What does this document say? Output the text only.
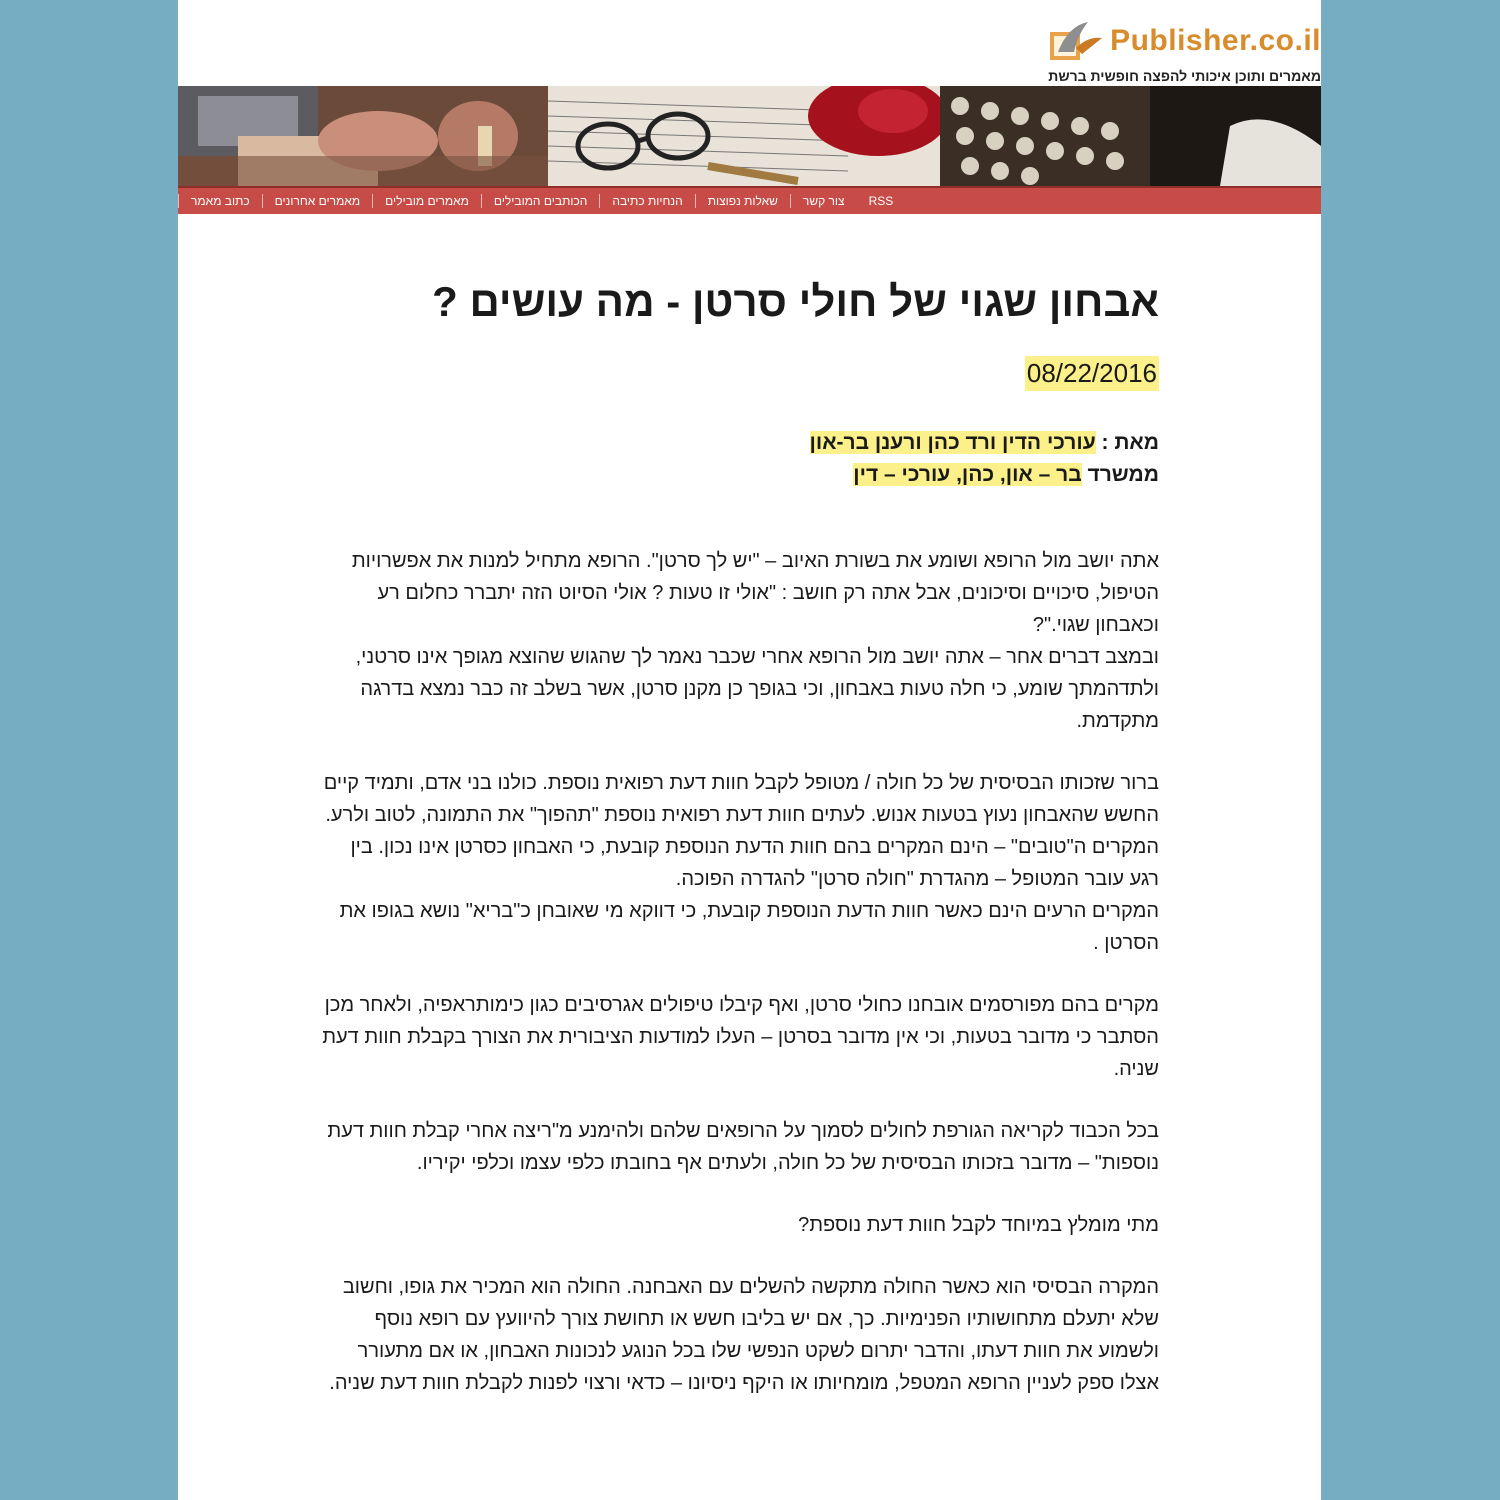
Publisher.co.il
מאמרים ותוכן איכותי להפצה חופשית ברשת
כתוב מאמר	מאמרים אחרונים	מאמרים מובילים	הכותבים המובילים	הנחיות כתיבה	שאלות נפוצות	צור קשר	RSS
אבחון שגוי של חולי סרטן - מה עושים ?
08/22/2016
מאת : עורכי הדין ורד כהן ורענן בר-און
ממשרד בר – און, כהן, עורכי – דין

אתה יושב מול הרופא ושומע את בשורת האיוב – "יש לך סרטן". הרופא מתחיל למנות את אפשרויות הטיפול, סיכויים וסיכונים, אבל אתה רק חושב : "אולי זו טעות ? אולי הסיוט הזה יתברר כחלום רע וכאבחון שגוי."?

ובמצב דברים אחר – אתה יושב מול הרופא אחרי שכבר נאמר לך שהגוש שהוצא מגופך אינו סרטני, ולתדהמתך שומע, כי חלה טעות באבחון, וכי בגופך כן מקנן סרטן, אשר בשלב זה כבר נמצא בדרגה מתקדמת.

ברור שזכותו הבסיסית של כל חולה / מטופל לקבל חוות דעת רפואית נוספת. כולנו בני אדם, ותמיד קיים החשש שהאבחון נעוץ בטעות אנוש. לעתים חוות דעת רפואית נוספת "תהפוך" את התמונה, לטוב ולרע.

המקרים ה"טובים" – הינם המקרים בהם חוות הדעת הנוספת קובעת, כי האבחון כסרטן אינו נכון. בין רגע עובר המטופל – מהגדרת "חולה סרטן" להגדרה הפוכה.

המקרים הרעים הינם כאשר חוות הדעת הנוספת קובעת, כי דווקא מי שאובחן כ"בריא" נושא בגופו את הסרטן .

מקרים בהם מפורסמים אובחנו כחולי סרטן, ואף קיבלו טיפולים אגרסיבים כגון כימותראפיה, ולאחר מכן הסתבר כי מדובר בטעות, וכי אין מדובר בסרטן – העלו למודעות הציבורית את הצורך בקבלת חוות דעת שניה.

בכל הכבוד לקריאה הגורפת לחולים לסמוך על הרופאים שלהם ולהימנע מ"ריצה אחרי קבלת חוות דעת נוספות" – מדובר בזכותו הבסיסית של כל חולה, ולעתים אף בחובתו כלפי עצמו וכלפי יקיריו.

מתי מומלץ במיוחד לקבל חוות דעת נוספת?

המקרה הבסיסי הוא כאשר החולה מתקשה להשלים עם האבחנה. החולה הוא המכיר את גופו, וחשוב שלא יתעלם מתחושותיו הפנימיות. כך, אם יש בליבו חשש או תחושת צורך להיוועץ עם רופא נוסף ולשמוע את חוות דעתו, והדבר יתרום לשקט הנפשי שלו בכל הנוגע לנכונות האבחון, או אם מתעורר אצלו ספק לעניין הרופא המטפל, מומחיותו או היקף ניסיונו – כדאי ורצוי לפנות לקבלת חוות דעת שניה.
